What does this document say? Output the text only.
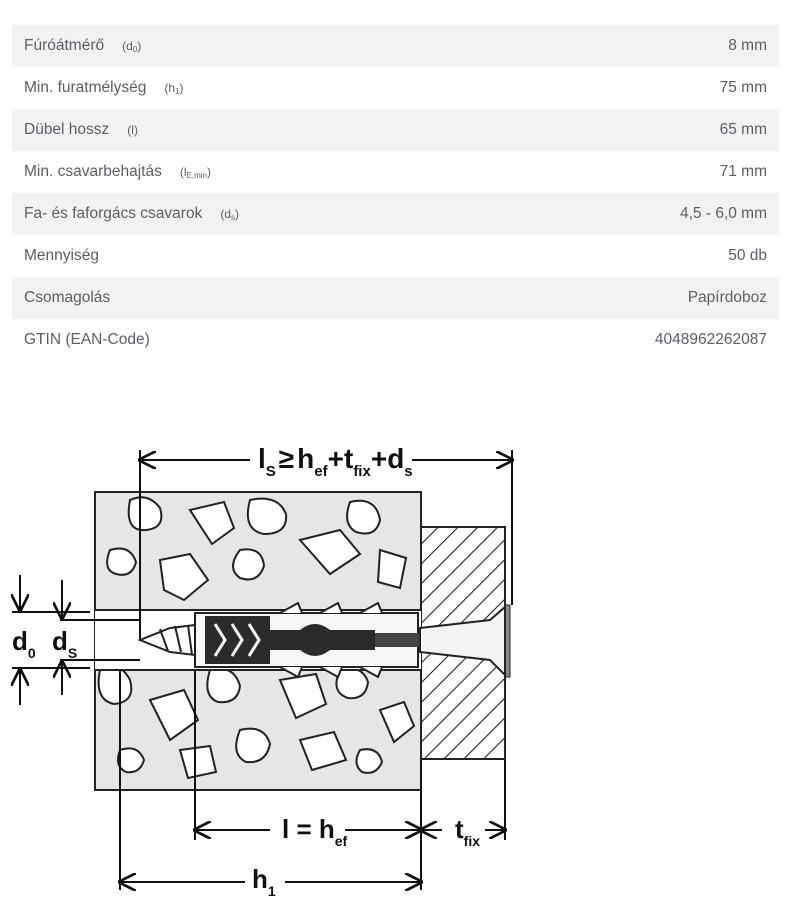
Fúróátmérő $(d_0)$	8 mm
Min. furatmélység $(h_1)$	75 mm
Dübel hossz (l)	65 mm
Min. csavarbehajtás $(l_{E,min})$	71 mm
Fa- és faforgács csavarok $(d_s)$	4,5 - 6,0 mm
Mennyiség	50 db
Csomagolás	Papírdoboz
GTIN (EAN-Code)	4048962262087
$l_S \ge h_{ef}+t_{fix}+d_s$
$d_0$ $d_S$
$l = h_{ef}$	$t_{fix}$
$h_1$
